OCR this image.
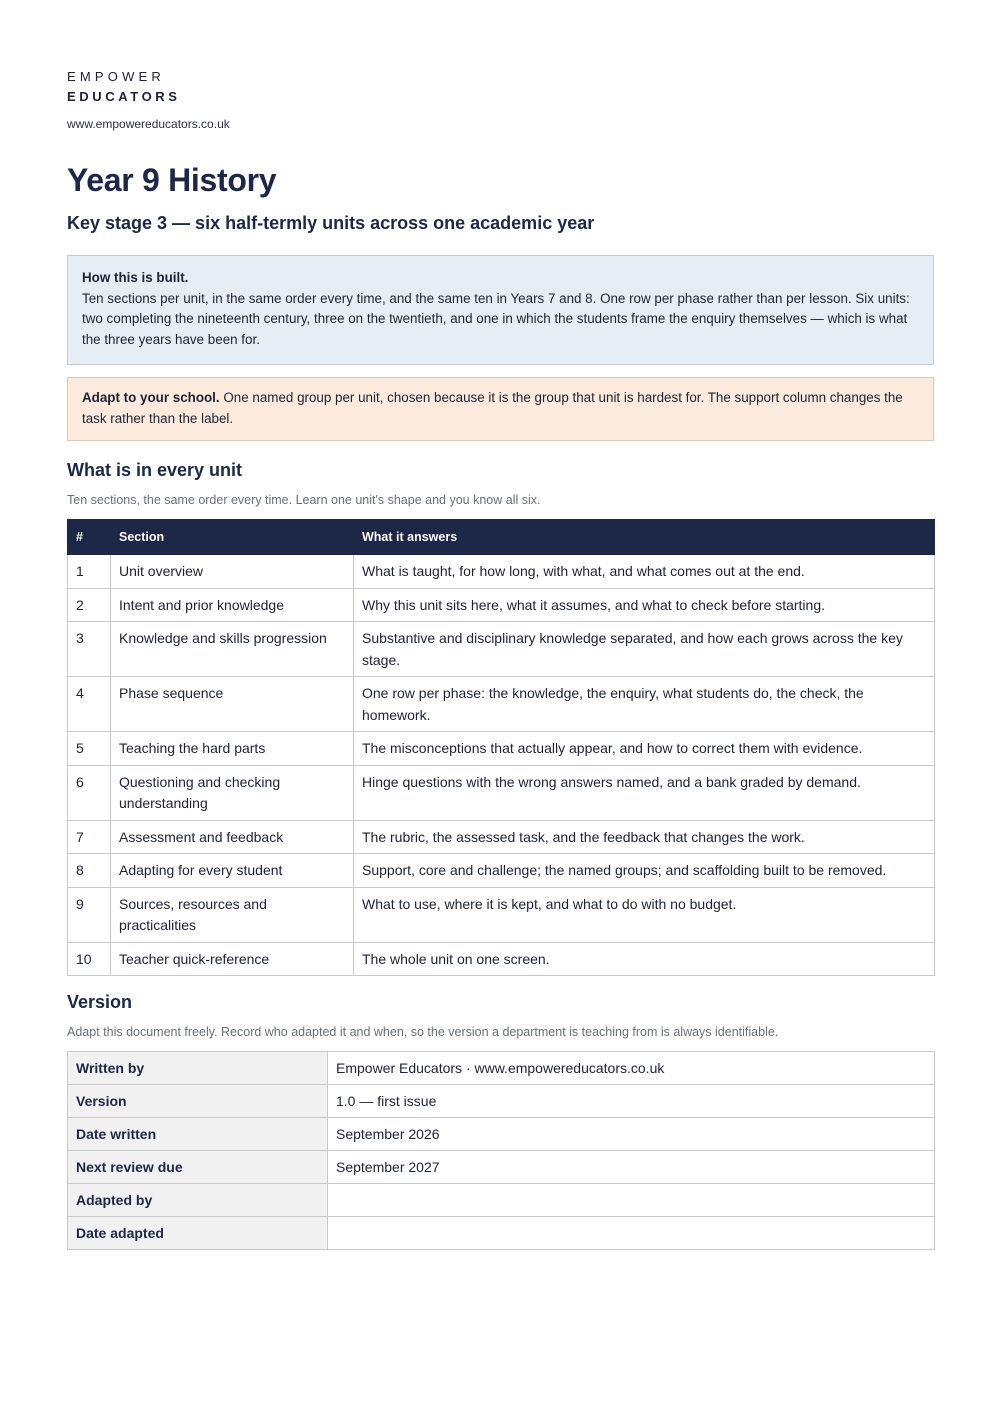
EMPOWER
EDUCATORS
www.empowereducators.co.uk
Year 9 History
Key stage 3 — six half-termly units across one academic year
How this is built.
Ten sections per unit, in the same order every time, and the same ten in Years 7 and 8. One row per phase rather than per lesson. Six units: two completing the nineteenth century, three on the twentieth, and one in which the students frame the enquiry themselves — which is what the three years have been for.
Adapt to your school. One named group per unit, chosen because it is the group that unit is hardest for. The support column changes the task rather than the label.
What is in every unit
Ten sections, the same order every time. Learn one unit's shape and you know all six.
#	Section	What it answers
1	Unit overview	What is taught, for how long, with what, and what comes out at the end.
2	Intent and prior knowledge	Why this unit sits here, what it assumes, and what to check before starting.
3	Knowledge and skills progression	Substantive and disciplinary knowledge separated, and how each grows across the key stage.
4	Phase sequence	One row per phase: the knowledge, the enquiry, what students do, the check, the homework.
5	Teaching the hard parts	The misconceptions that actually appear, and how to correct them with evidence.
6	Questioning and checking understanding	Hinge questions with the wrong answers named, and a bank graded by demand.
7	Assessment and feedback	The rubric, the assessed task, and the feedback that changes the work.
8	Adapting for every student	Support, core and challenge; the named groups; and scaffolding built to be removed.
9	Sources, resources and practicalities	What to use, where it is kept, and what to do with no budget.
10	Teacher quick-reference	The whole unit on one screen.
Version
Adapt this document freely. Record who adapted it and when, so the version a department is teaching from is always identifiable.
Written by	Empower Educators · www.empowereducators.co.uk
Version	1.0 — first issue
Date written	September 2026
Next review due	September 2027
Adapted by	
Date adapted	
